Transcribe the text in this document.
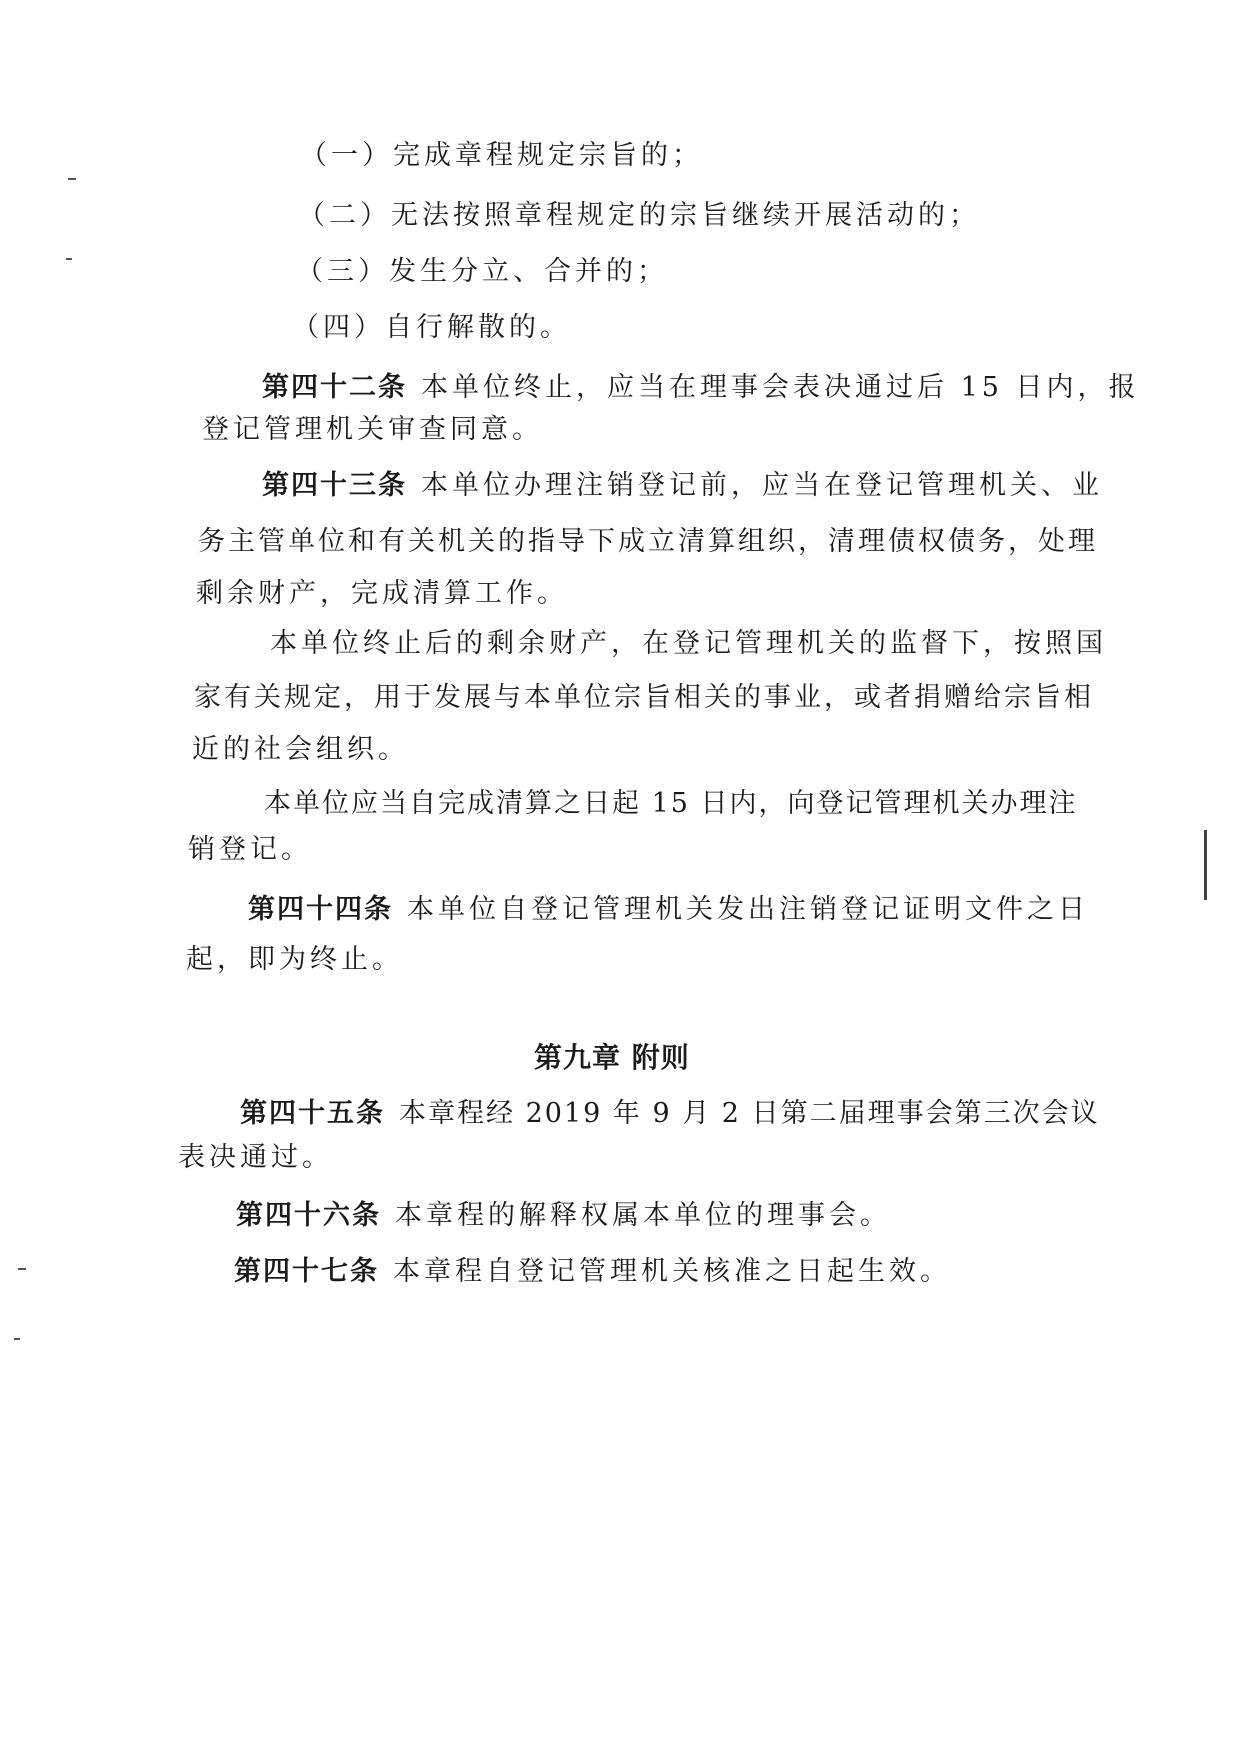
（一）完成章程规定宗旨的；
（二）无法按照章程规定的宗旨继续开展活动的；
（三）发生分立、合并的；
（四）自行解散的。
第四十二条 本单位终止，应当在理事会表决通过后 15 日内，报
登记管理机关审查同意。
第四十三条 本单位办理注销登记前，应当在登记管理机关、业
务主管单位和有关机关的指导下成立清算组织，清理债权债务，处理
剩余财产，完成清算工作。
本单位终止后的剩余财产，在登记管理机关的监督下，按照国
家有关规定，用于发展与本单位宗旨相关的事业，或者捐赠给宗旨相
近的社会组织。
本单位应当自完成清算之日起 15 日内，向登记管理机关办理注
销登记。
第四十四条 本单位自登记管理机关发出注销登记证明文件之日
起，即为终止。
第九章 附则
第四十五条 本章程经 2019 年 9 月 2 日第二届理事会第三次会议
表决通过。
第四十六条 本章程的解释权属本单位的理事会。
第四十七条 本章程自登记管理机关核准之日起生效。
